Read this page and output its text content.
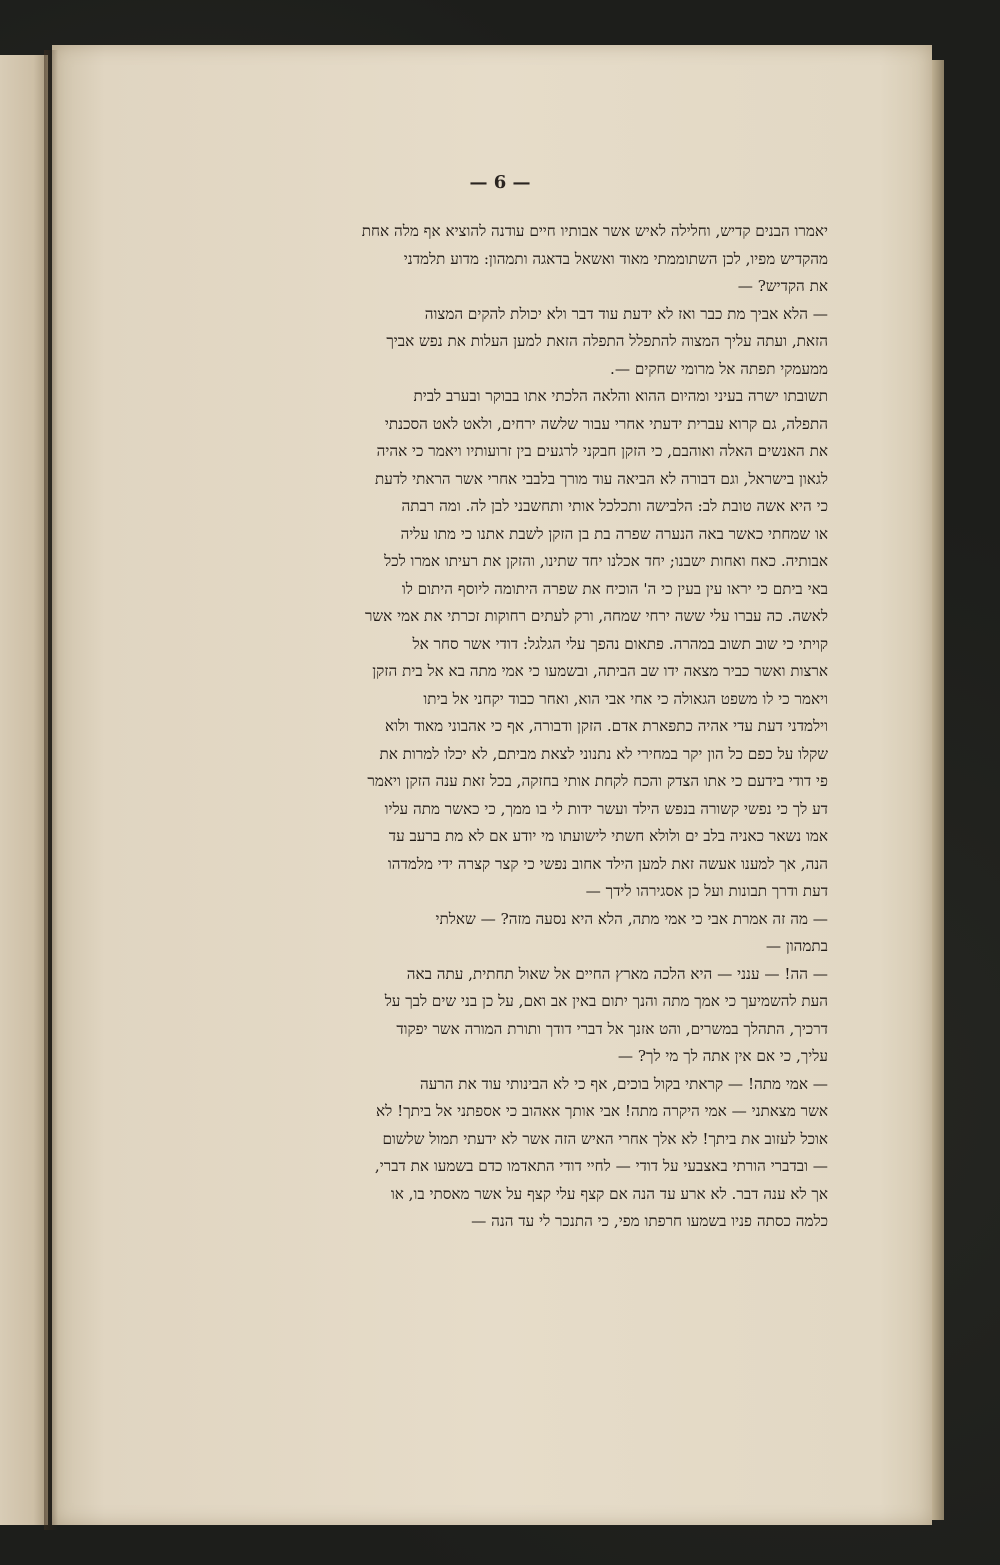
— 6 —

יאמרו הבנים קדיש, וחלילה לאיש אשר אבותיו חיים עודנה להוציא אף מלה אחת

מהקדיש מפיו, לכן השתוממתי מאוד ואשאל בדאגה ותמהון: מדוע תלמדני

את הקדיש? —

— הלא אביך מת כבר ואז לא ידעת עוד דבר ולא יכולת להקים המצוה

הזאת, ועתה עליך המצוה להתפלל התפלה הזאת למען העלות את נפש אביך

ממעמקי תפתה אל מרומי שחקים —.

תשובתו ישרה בעיני ומהיום ההוא והלאה הלכתי אתו בבוקר ובערב לבית

התפלה, גם קרוא עברית ידעתי אחרי עבור שלשה ירחים, ולאט לאט הסכנתי

את האנשים האלה ואוהבם, כי הזקן חבקני לרגעים בין זרועותיו ויאמר כי אהיה

לגאון בישראל, וגם דבורה לא הביאה עוד מורך בלבבי אחרי אשר הראתי לדעת

כי היא אשה טובת לב: הלבישה ותכלכל אותי ותחשבני לבן לה. ומה רבתה

או שמחתי כאשר באה הנערה שפרה בת בן הזקן לשבת אתנו כי מתו עליה

אבותיה. כאח ואחות ישבנו; יחד אכלנו יחד שתינו, והזקן את רעיתו אמרו לכל

באי ביתם כי יראו עין בעין כי ה' הוכיח את שפרה היתומה ליוסף היתום לו

לאשה. כה עברו עלי ששה ירחי שמחה, ורק לעתים רחוקות זכרתי את אמי אשר

קויתי כי שוב תשוב במהרה. פתאום נהפך עלי הגלגל: דודי אשר סחר אל

ארצות ואשר כביר מצאה ידו שב הביתה, ובשמעו כי אמי מתה בא אל בית הזקן

ויאמר כי לו משפט הגאולה כי אחי אבי הוא, ואחר כבוד יקחני אל ביתו

וילמדני דעת עדי אהיה כתפארת אדם. הזקן ודבורה, אף כי אהבוני מאוד ולוא

שקלו על כפם כל הון יקר במחירי לא נתנוני לצאת מביתם, לא יכלו למרות את

פי דודי בידעם כי אתו הצדק והכח לקחת אותי בחזקה, בכל זאת ענה הזקן ויאמר

דע לך כי נפשי קשורה בנפש הילד ועשר ידות לי בו ממך, כי כאשר מתה עליו

אמו נשאר כאניה בלב ים ולולא חשתי לישועתו מי יודע אם לא מת ברעב עד

הנה, אך למענו אעשה זאת למען הילד אחוב נפשי כי קצר קצרה ידי מלמדהו

דעת ודרך תבונות ועל כן אסגירהו לידך —

— מה זה אמרת אבי כי אמי מתה, הלא היא נסעה מזה? — שאלתי

בתמהון —

— הה! — ענני — היא הלכה מארץ החיים אל שאול תחתית, עתה באה

העת להשמיעך כי אמך מתה והנך יתום באין אב ואם, על כן בני שים לבך על

דרכיך, התהלך במשרים, והט אזנך אל דברי דודך ותורת המורה אשר יפקוד

עליך, כי אם אין אתה לך מי לך? —

— אמי מתה! — קראתי בקול בוכים, אף כי לא הבינותי עוד את הרעה

אשר מצאתני — אמי היקרה מתה! אבי אותך אאהוב כי אספתני אל ביתך! לא

אוכל לעזוב את ביתך! לא אלך אחרי האיש הזה אשר לא ידעתי תמול שלשום

— ובדברי הורתי באצבעי על דודי — לחיי דודי התאדמו כדם בשמעו את דברי,

אך לא ענה דבר. לא ארע עד הנה אם קצף עלי קצף על אשר מאסתי בו, או

כלמה כסתה פניו בשמעו חרפתו מפי, כי התנכר לי עד הנה —
